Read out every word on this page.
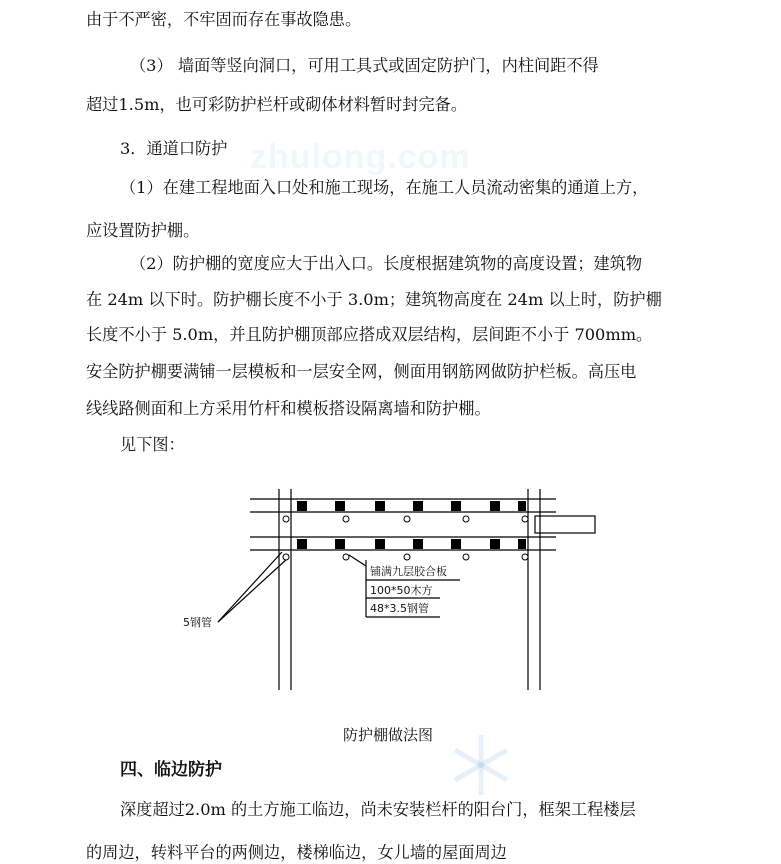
zhulong.com
由于不严密，不牢固而存在事故隐患。
（3） 墙面等竖向洞口，可用工具式或固定防护门，内柱间距不得
超过1.5m，也可彩防护栏杆或砌体材料暂时封完备。
3．通道口防护
（1）在建工程地面入口处和施工现场，在施工人员流动密集的通道上方，
应设置防护棚。
（2）防护棚的宽度应大于出入口。长度根据建筑物的高度设置；建筑物
在 24m 以下时。防护棚长度不小于 3.0m；建筑物高度在 24m 以上时，防护棚
长度不小于 5.0m，并且防护棚顶部应搭成双层结构，层间距不小于 700mm。
安全防护棚要满铺一层模板和一层安全网，侧面用钢筋网做防护栏板。高压电
线线路侧面和上方采用竹杆和模板搭设隔离墙和防护棚。
见下图：
铺满九层胶合板
100*50木方
48*3.5钢管
5钢管
防护棚做法图
四、临边防护
深度超过2.0m 的土方施工临边，尚未安装栏杆的阳台门，框架工程楼层
的周边，转料平台的两侧边，楼梯临边，女儿墙的屋面周边
